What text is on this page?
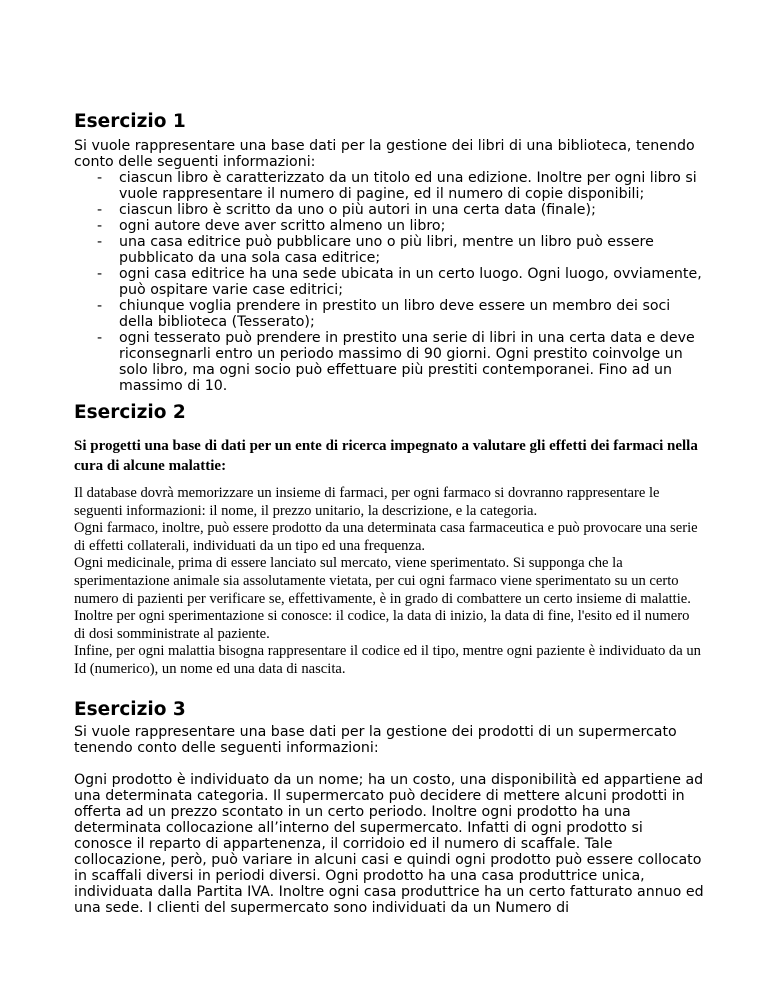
Esercizio 1

Si vuole rappresentare una base dati per la gestione dei libri di una biblioteca, tenendo conto delle seguenti informazioni:

- ciascun libro è caratterizzato da un titolo ed una edizione. Inoltre per ogni libro si vuole rappresentare il numero di pagine, ed il numero di copie disponibili;
- ciascun libro è scritto da uno o più autori in una certa data (finale);
- ogni autore deve aver scritto almeno un libro;
- una casa editrice può pubblicare uno o più libri, mentre un libro può essere pubblicato da una sola casa editrice;
- ogni casa editrice ha una sede ubicata in un certo luogo. Ogni luogo, ovviamente, può ospitare varie case editrici;
- chiunque voglia prendere in prestito un libro deve essere un membro dei soci della biblioteca (Tesserato);
- ogni tesserato può prendere in prestito una serie di libri in una certa data e deve riconsegnarli entro un periodo massimo di 90 giorni. Ogni prestito coinvolge un solo libro, ma ogni socio può effettuare più prestiti contemporanei. Fino ad un massimo di 10.
Esercizio 2

Si progetti una base di dati per un ente di ricerca impegnato a valutare gli effetti dei farmaci nella cura di alcune malattie:

Il database dovrà memorizzare un insieme di farmaci, per ogni farmaco si dovranno rappresentare le seguenti informazioni: il nome, il prezzo unitario, la descrizione, e la categoria.

Ogni farmaco, inoltre, può essere prodotto da una determinata casa farmaceutica e può provocare una serie di effetti collaterali, individuati da un tipo ed una frequenza.

Ogni medicinale, prima di essere lanciato sul mercato, viene sperimentato. Si supponga che la sperimentazione animale sia assolutamente vietata, per cui ogni farmaco viene sperimentato su un certo numero di pazienti per verificare se, effettivamente, è in grado di combattere un certo insieme di malattie. Inoltre per ogni sperimentazione si conosce: il codice, la data di inizio, la data di fine, l'esito ed il numero di dosi somministrate al paziente.

Infine, per ogni malattia bisogna rappresentare il codice ed il tipo, mentre ogni paziente è individuato da un Id (numerico), un nome ed una data di nascita.

Esercizio 3

Si vuole rappresentare una base dati per la gestione dei prodotti di un supermercato tenendo conto delle seguenti informazioni:

Ogni prodotto è individuato da un nome; ha un costo, una disponibilità ed appartiene ad una determinata categoria. Il supermercato può decidere di mettere alcuni prodotti in offerta ad un prezzo scontato in un certo periodo. Inoltre ogni prodotto ha una determinata collocazione all’interno del supermercato. Infatti di ogni prodotto si conosce il reparto di appartenenza, il corridoio ed il numero di scaffale. Tale collocazione, però, può variare in alcuni casi e quindi ogni prodotto può essere collocato in scaffali diversi in periodi diversi. Ogni prodotto ha una casa produttrice unica, individuata dalla Partita IVA. Inoltre ogni casa produttrice ha un certo fatturato annuo ed una sede. I clienti del supermercato sono individuati da un Numero di
